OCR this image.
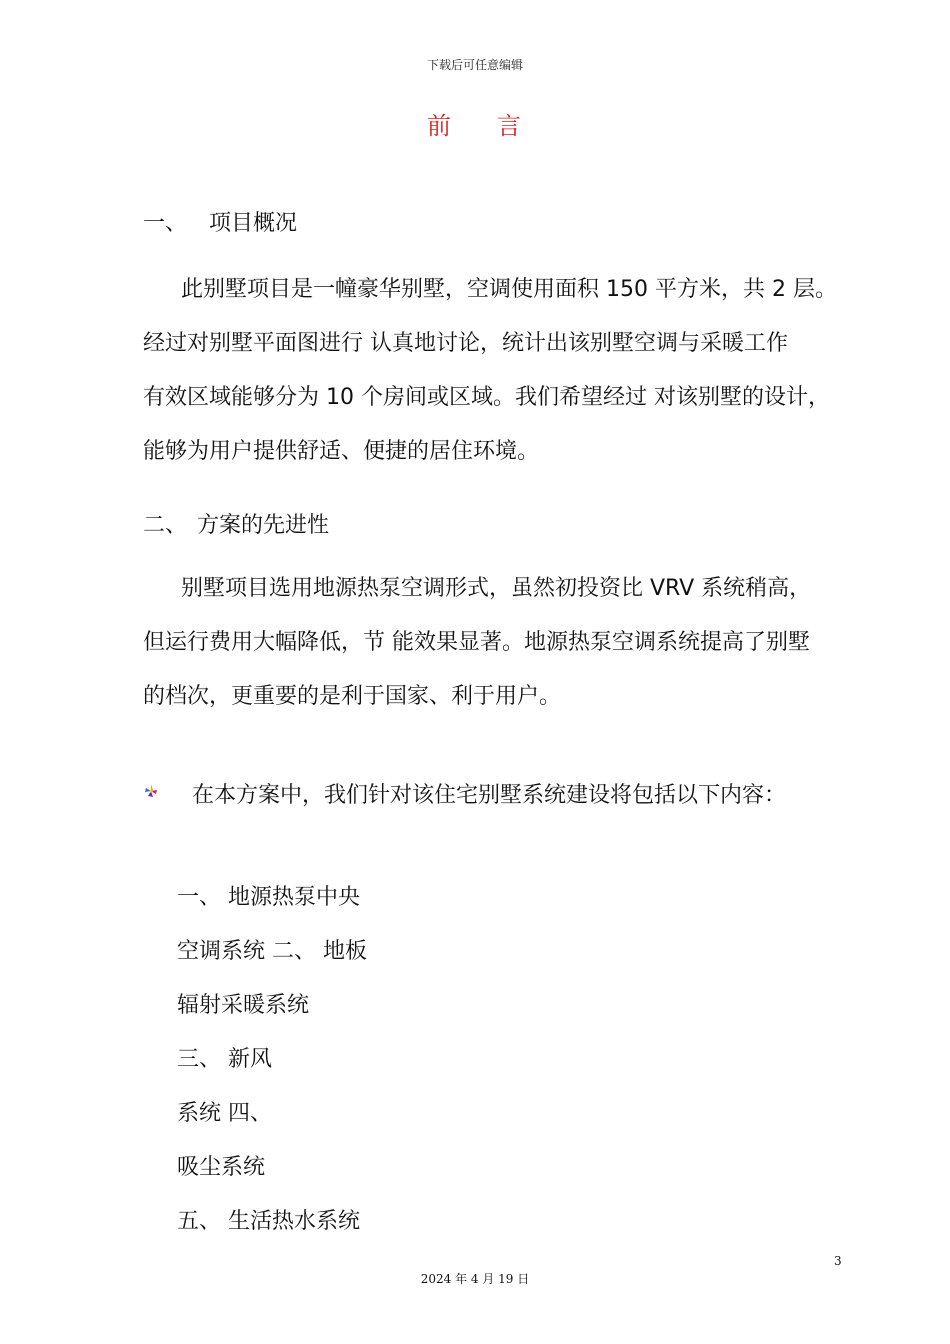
下载后可任意编辑
前 言
一、 项目概况
此别墅项目是一幢豪华别墅，空调使用面积 150 平方米，共 2 层。
经过对别墅平面图进行 认真地讨论，统计出该别墅空调与采暖工作
有效区域能够分为 10 个房间或区域。我们希望经过 对该别墅的设计，
能够为用户提供舒适、便捷的居住环境。
二、 方案的先进性
别墅项目选用地源热泵空调形式，虽然初投资比 VRV 系统稍高，
但运行费用大幅降低，节 能效果显著。地源热泵空调系统提高了别墅
的档次，更重要的是利于国家、利于用户。
在本方案中，我们针对该住宅别墅系统建设将包括以下内容：
一、 地源热泵中央
空调系统 二、 地板
辐射采暖系统
三、 新风
系统 四、
吸尘系统
五、 生活热水系统
3
2024 年 4 月 19 日
